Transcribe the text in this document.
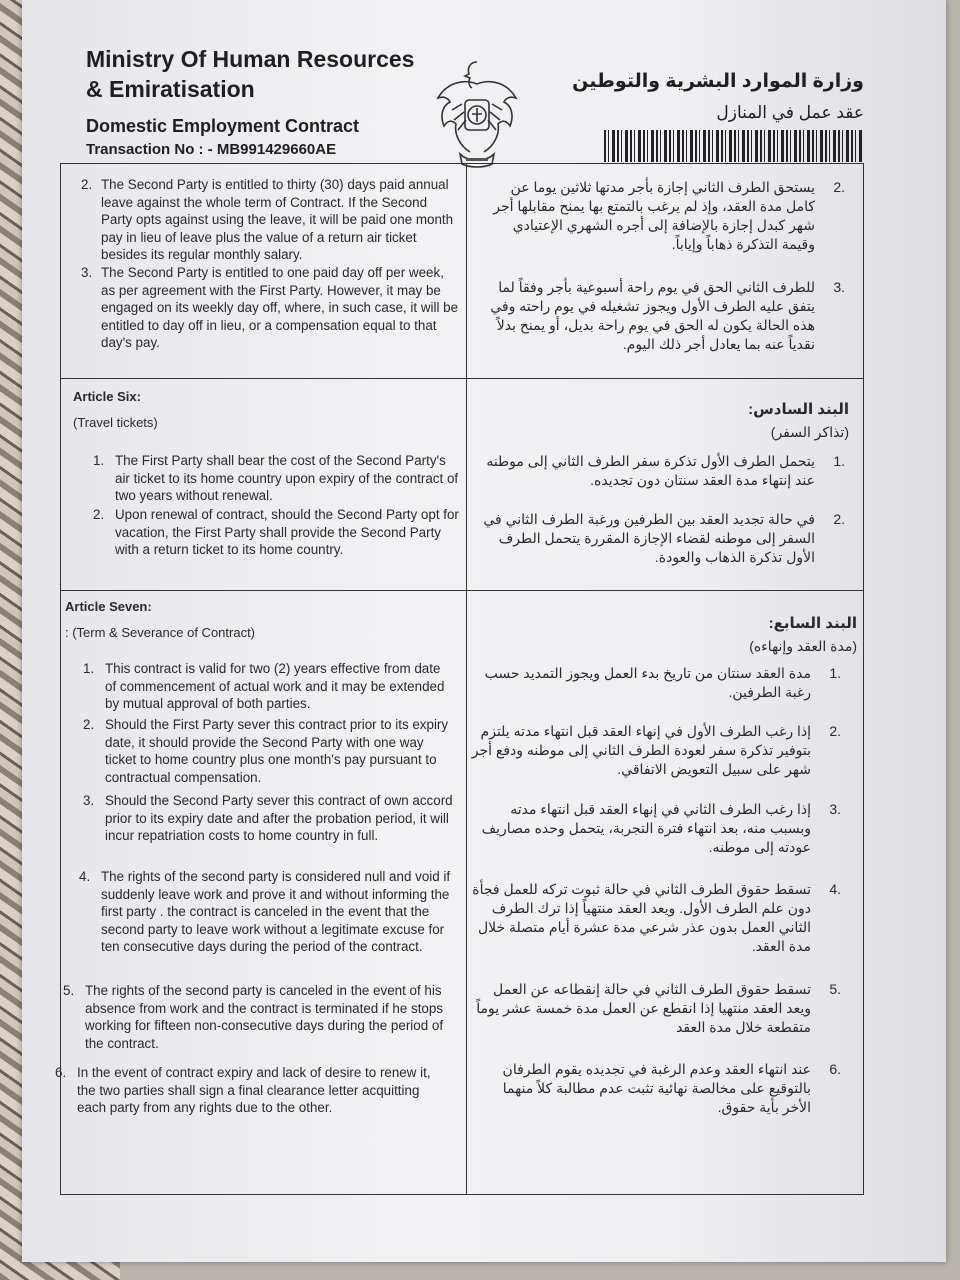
Ministry Of Human Resources & Emiratisation
Domestic Employment Contract
Transaction No : - MB991429660AE
وزارة الموارد البشرية والتوطين
عقد عمل في المنازل
2. The Second Party is entitled to thirty (30) days paid annual leave against the whole term of Contract. If the Second Party opts against using the leave, it will be paid one month pay in lieu of leave plus the value of a return air ticket besides its regular monthly salary.
3. The Second Party is entitled to one paid day off per week, as per agreement with the First Party. However, it may be engaged on its weekly day off, where, in such case, it will be entitled to day off in lieu, or a compensation equal to that day's pay.
.2
يستحق الطرف الثاني إجازة بأجر مدتها ثلاثين يوما عن كامل مدة العقد، وإذ لم يرغب بالتمتع بها يمنح مقابلها أجر شهر كبدل إجازة بالإضافة إلى أجره الشهري الإعتيادي وقيمة التذكرة ذهاباً وإياباً.
.3
للطرف الثاني الحق في يوم راحة أسبوعية بأجر وفقاً لما يتفق عليه الطرف الأول ويجوز تشغيله في يوم راحته وفي هذه الحالة يكون له الحق في يوم راحة بديل، أو يمنح بدلاً نقدياً عنه بما يعادل أجر ذلك اليوم.
Article Six:
(Travel tickets)
1. The First Party shall bear the cost of the Second Party's air ticket to its home country upon expiry of the contract of two years without renewal.
2. Upon renewal of contract, should the Second Party opt for vacation, the First Party shall provide the Second Party with a return ticket to its home country.
البند السادس:
(تذاكر السفر)
.1
يتحمل الطرف الأول تذكرة سفر الطرف الثاني إلى موطنه عند إنتهاء مدة العقد سنتان دون تجديده.
.2
في حالة تجديد العقد بين الطرفين ورغبة الطرف الثاني في السفر إلى موطنه لقضاء الإجازة المقررة يتحمل الطرف الأول تذكرة الذهاب والعودة.
Article Seven:
: (Term & Severance of Contract)
1. This contract is valid for two (2) years effective from date of commencement of actual work and it may be extended by mutual approval of both parties.
2. Should the First Party sever this contract prior to its expiry date, it should provide the Second Party with one way ticket to home country plus one month's pay pursuant to contractual compensation.
3. Should the Second Party sever this contract of own accord prior to its expiry date and after the probation period, it will incur repatriation costs to home country in full.
4. The rights of the second party is considered null and void if suddenly leave work and prove it and without informing the first party . the contract is canceled in the event that the second party to leave work without a legitimate excuse for ten consecutive days during the period of the contract.
5. The rights of the second party is canceled in the event of his absence from work and the contract is terminated if he stops working for fifteen non-consecutive days during the period of the contract.
6. In the event of contract expiry and lack of desire to renew it, the two parties shall sign a final clearance letter acquitting each party from any rights due to the other.
البند السابع:
(مدة العقد وإنهاءه)
.1
مدة العقد سنتان من تاريخ بدء العمل ويجوز التمديد حسب رغبة الطرفين.
.2
إذا رغب الطرف الأول في إنهاء العقد قبل انتهاء مدته يلتزم بتوفير تذكرة سفر لعودة الطرف الثاني إلى موطنه ودفع أجر شهر على سبيل التعويض الاتفاقي.
.3
إذا رغب الطرف الثاني في إنهاء العقد قبل انتهاء مدته وبسبب منه، بعد انتهاء فترة التجربة، يتحمل وحده مصاريف عودته إلى موطنه.
.4
تسقط حقوق الطرف الثاني في حالة ثبوت تركه للعمل فجأة دون علم الطرف الأول. ويعد العقد منتهياً إذا ترك الطرف الثاني العمل بدون عذر شرعي مدة عشرة أيام متصلة خلال مدة العقد.
.5
تسقط حقوق الطرف الثاني في حالة إنقطاعه عن العمل ويعد العقد منتهيا إذا انقطع عن العمل مدة خمسة عشر يوماً متقطعة خلال مدة العقد
.6
عند انتهاء العقد وعدم الرغبة في تجديده يقوم الطرفان بالتوقيع على مخالصة نهائية تثبت عدم مطالبة كلاً منهما الأخر بأية حقوق.
